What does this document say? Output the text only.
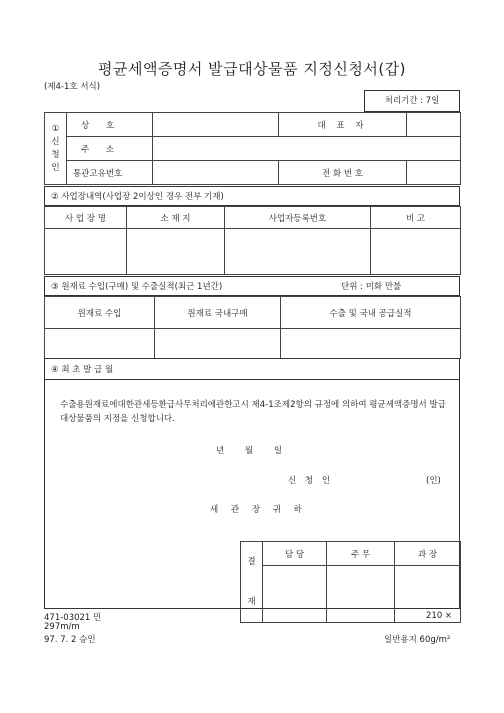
평균세액증명서 발급대상물품 지정신청서(갑)
(제4-1호 서식)
처리기간 : 7일
①
신
청
인	상 호		대 표 자	
	주 소			
	통관고유번호		전 화 번 호	
② 사업장내역(사업장 2이상인 경우 전부 기재)
사 업 장 명	소 재 지	사업자등록번호	비 고

③ 원재료 수입(구매) 및 수출실적(최근 1년간)	단위 : 미화 만불
원재료 수입	원재료 국내구매	수출 및 국내 공급실적

④ 최 초 발 급 월
수출용원재료에대한관세등환급사무처리에관한고시 제4-1조제2항의 규정에 의하여 평균세액증명서 발급대상물품의 지정을 신청합니다.
년 월 일
신 청 인	(인)
세 관 장 귀 하
결
재	담 당	주 무	과 장

471-03021 민
297m/m
97. 7. 2 승인
210 ×
일반용지 60g/m²
